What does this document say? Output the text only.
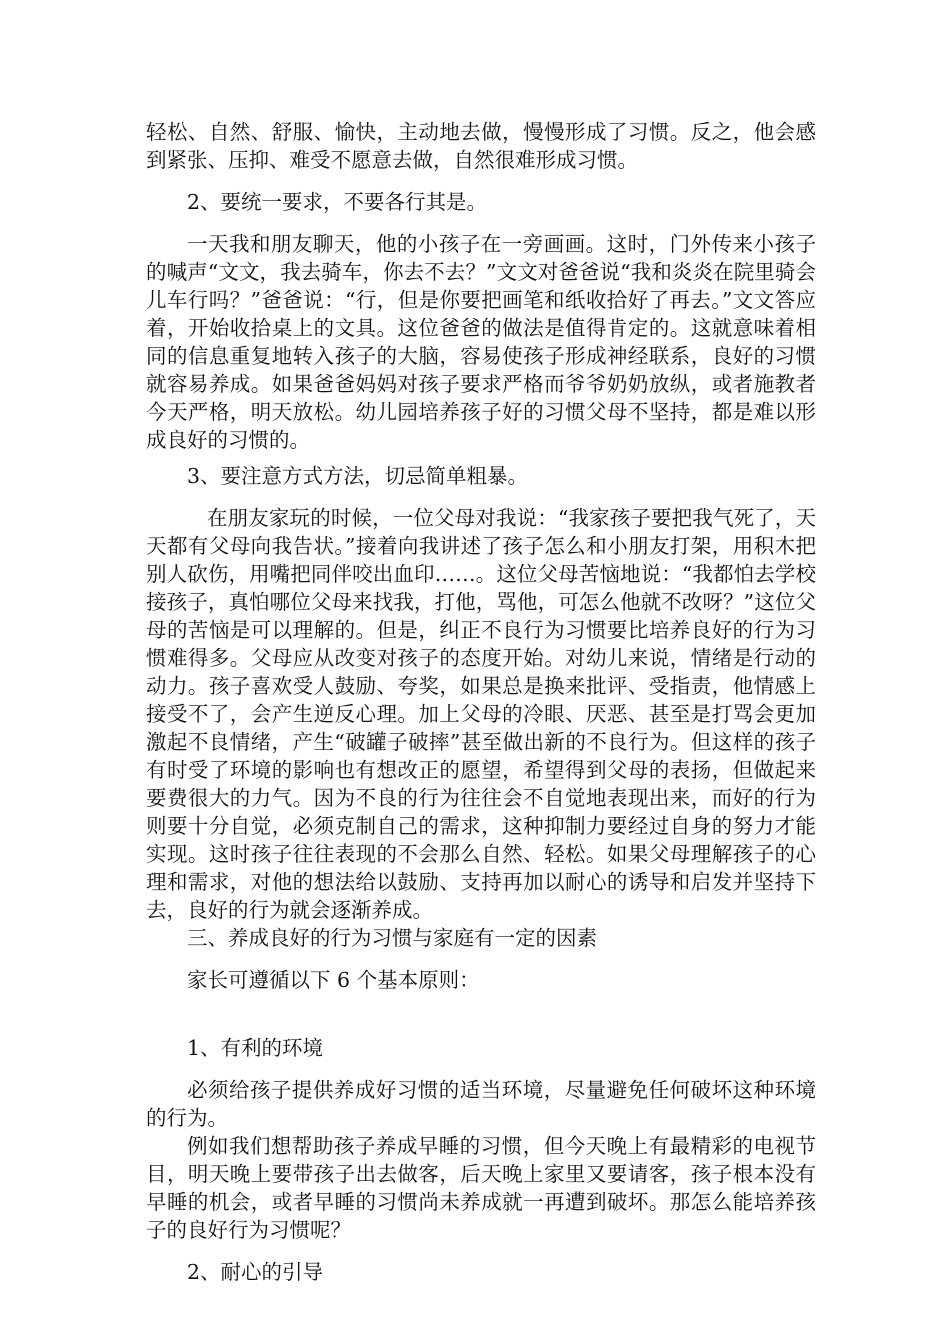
轻松、自然、舒服、愉快，主动地去做，慢慢形成了习惯。反之，他会感到紧张、压抑、难受不愿意去做，自然很难形成习惯。

2、要统一要求，不要各行其是。

一天我和朋友聊天，他的小孩子在一旁画画。这时，门外传来小孩子的喊声“文文，我去骑车，你去不去？”文文对爸爸说“我和炎炎在院里骑会儿车行吗？”爸爸说：“行，但是你要把画笔和纸收拾好了再去。”文文答应着，开始收拾桌上的文具。这位爸爸的做法是值得肯定的。这就意味着相同的信息重复地转入孩子的大脑，容易使孩子形成神经联系，良好的习惯就容易养成。如果爸爸妈妈对孩子要求严格而爷爷奶奶放纵，或者施教者今天严格，明天放松。幼儿园培养孩子好的习惯父母不坚持，都是难以形成良好的习惯的。

3、要注意方式方法，切忌简单粗暴。

在朋友家玩的时候，一位父母对我说：“我家孩子要把我气死了，天天都有父母向我告状。”接着向我讲述了孩子怎么和小朋友打架，用积木把别人砍伤，用嘴把同伴咬出血印……。这位父母苦恼地说：“我都怕去学校接孩子，真怕哪位父母来找我，打他，骂他，可怎么他就不改呀？”这位父母的苦恼是可以理解的。但是，纠正不良行为习惯要比培养良好的行为习惯难得多。父母应从改变对孩子的态度开始。对幼儿来说，情绪是行动的动力。孩子喜欢受人鼓励、夸奖，如果总是换来批评、受指责，他情感上接受不了，会产生逆反心理。加上父母的冷眼、厌恶、甚至是打骂会更加激起不良情绪，产生“破罐子破摔”甚至做出新的不良行为。但这样的孩子有时受了环境的影响也有想改正的愿望，希望得到父母的表扬，但做起来要费很大的力气。因为不良的行为往往会不自觉地表现出来，而好的行为则要十分自觉，必须克制自己的需求，这种抑制力要经过自身的努力才能实现。这时孩子往往表现的不会那么自然、轻松。如果父母理解孩子的心理和需求，对他的想法给以鼓励、支持再加以耐心的诱导和启发并坚持下去，良好的行为就会逐渐养成。

三、养成良好的行为习惯与家庭有一定的因素

家长可遵循以下 6 个基本原则：

1、有利的环境

必须给孩子提供养成好习惯的适当环境，尽量避免任何破坏这种环境的行为。

例如我们想帮助孩子养成早睡的习惯，但今天晚上有最精彩的电视节目，明天晚上要带孩子出去做客，后天晚上家里又要请客，孩子根本没有早睡的机会，或者早睡的习惯尚未养成就一再遭到破坏。那怎么能培养孩子的良好行为习惯呢？

2、耐心的引导
